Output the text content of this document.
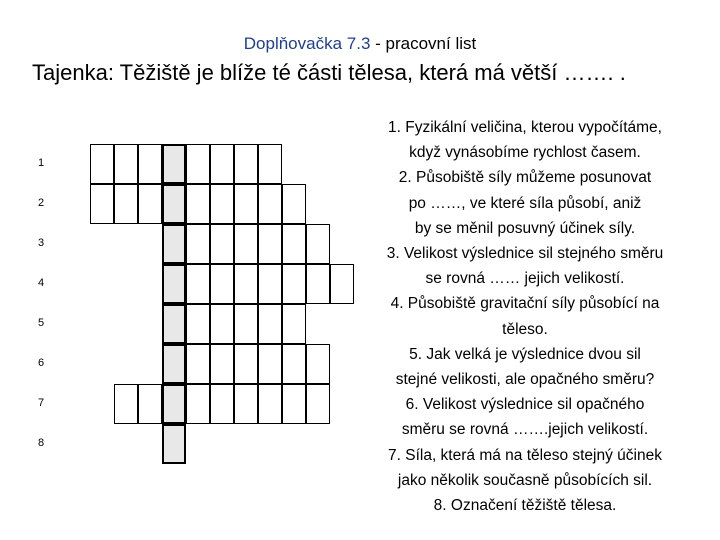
Doplňovačka 7.3 - pracovní list
Tajenka: Těžiště je blíže té části tělesa, která má větší ……. .
1
2
3
4
5
6
7
8
1. Fyzikální veličina, kterou vypočítáme,
když vynásobíme rychlost časem.
2. Působiště síly můžeme posunovat
po ……, ve které síla působí, aniž
by se měnil posuvný účinek síly.
3. Velikost výslednice sil stejného směru
se rovná …… jejich velikostí.
4. Působiště gravitační síly působící na
těleso.
5. Jak velká je výslednice dvou sil
stejné velikosti, ale opačného směru?
6. Velikost výslednice sil opačného
směru se rovná …….jejich velikostí.
7. Síla, která má na těleso stejný účinek
jako několik současně působících sil.
8. Označení těžiště tělesa.
